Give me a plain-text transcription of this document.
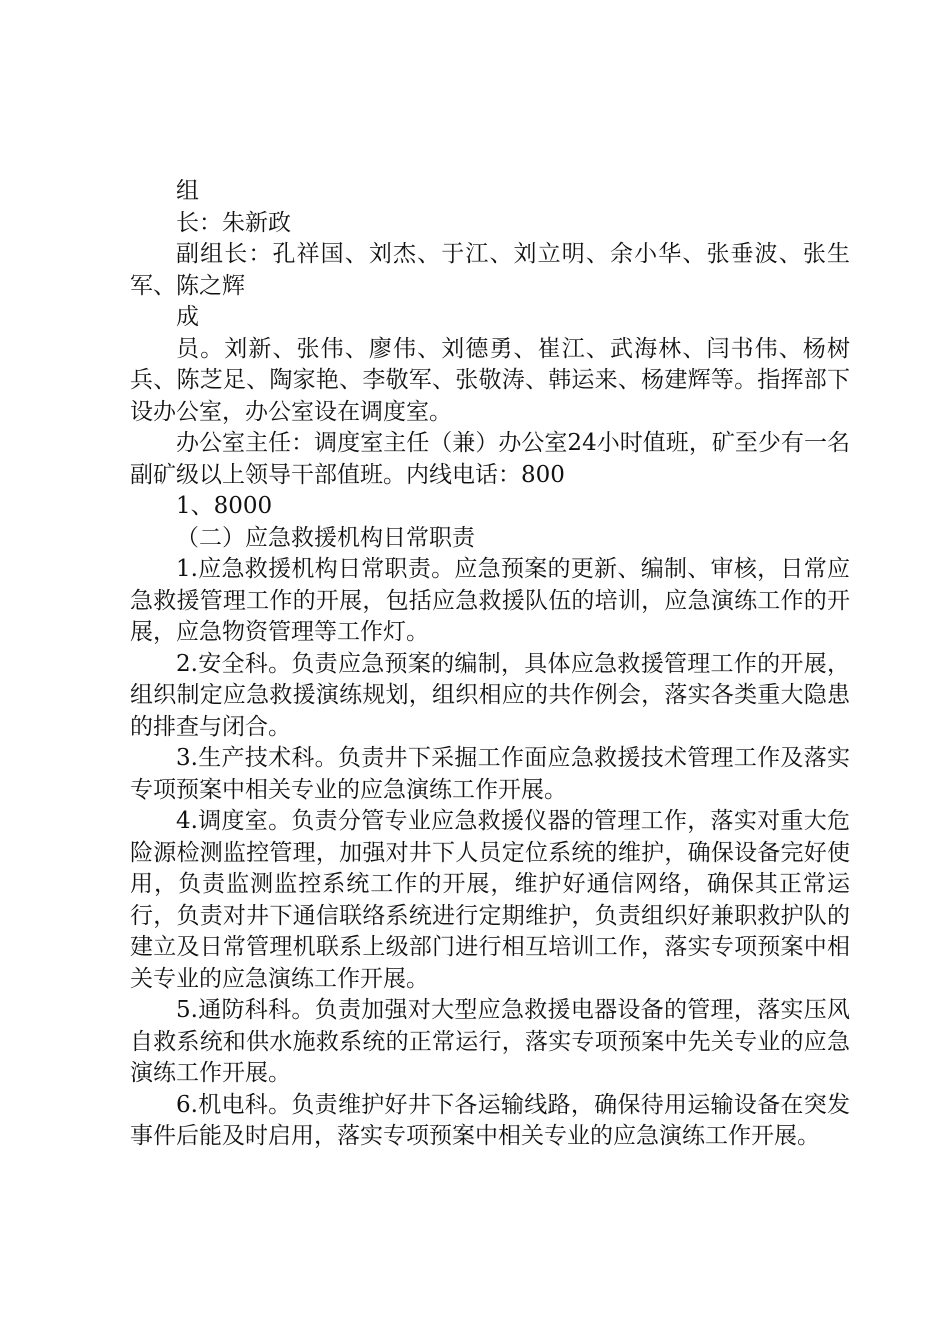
组

长：朱新政

副组长：孔祥国、刘杰、于江、刘立明、余小华、张垂波、张生军、陈之辉

成

员。刘新、张伟、廖伟、刘德勇、崔江、武海林、闫书伟、杨树兵、陈芝足、陶家艳、李敬军、张敬涛、韩运来、杨建辉等。指挥部下设办公室，办公室设在调度室。

办公室主任：调度室主任（兼）办公室24小时值班，矿至少有一名副矿级以上领导干部值班。内线电话：800

1、8000

（二）应急救援机构日常职责

1.应急救援机构日常职责。应急预案的更新、编制、审核，日常应急救援管理工作的开展，包括应急救援队伍的培训，应急演练工作的开展，应急物资管理等工作灯。

2.安全科。负责应急预案的编制，具体应急救援管理工作的开展，组织制定应急救援演练规划，组织相应的共作例会，落实各类重大隐患的排查与闭合。

3.生产技术科。负责井下采掘工作面应急救援技术管理工作及落实专项预案中相关专业的应急演练工作开展。

4.调度室。负责分管专业应急救援仪器的管理工作，落实对重大危险源检测监控管理，加强对井下人员定位系统的维护，确保设备完好使用，负责监测监控系统工作的开展，维护好通信网络，确保其正常运行，负责对井下通信联络系统进行定期维护，负责组织好兼职救护队的建立及日常管理机联系上级部门进行相互培训工作，落实专项预案中相关专业的应急演练工作开展。

5.通防科科。负责加强对大型应急救援电器设备的管理，落实压风自救系统和供水施救系统的正常运行，落实专项预案中先关专业的应急演练工作开展。

6.机电科。负责维护好井下各运输线路，确保待用运输设备在突发事件后能及时启用，落实专项预案中相关专业的应急演练工作开展。
